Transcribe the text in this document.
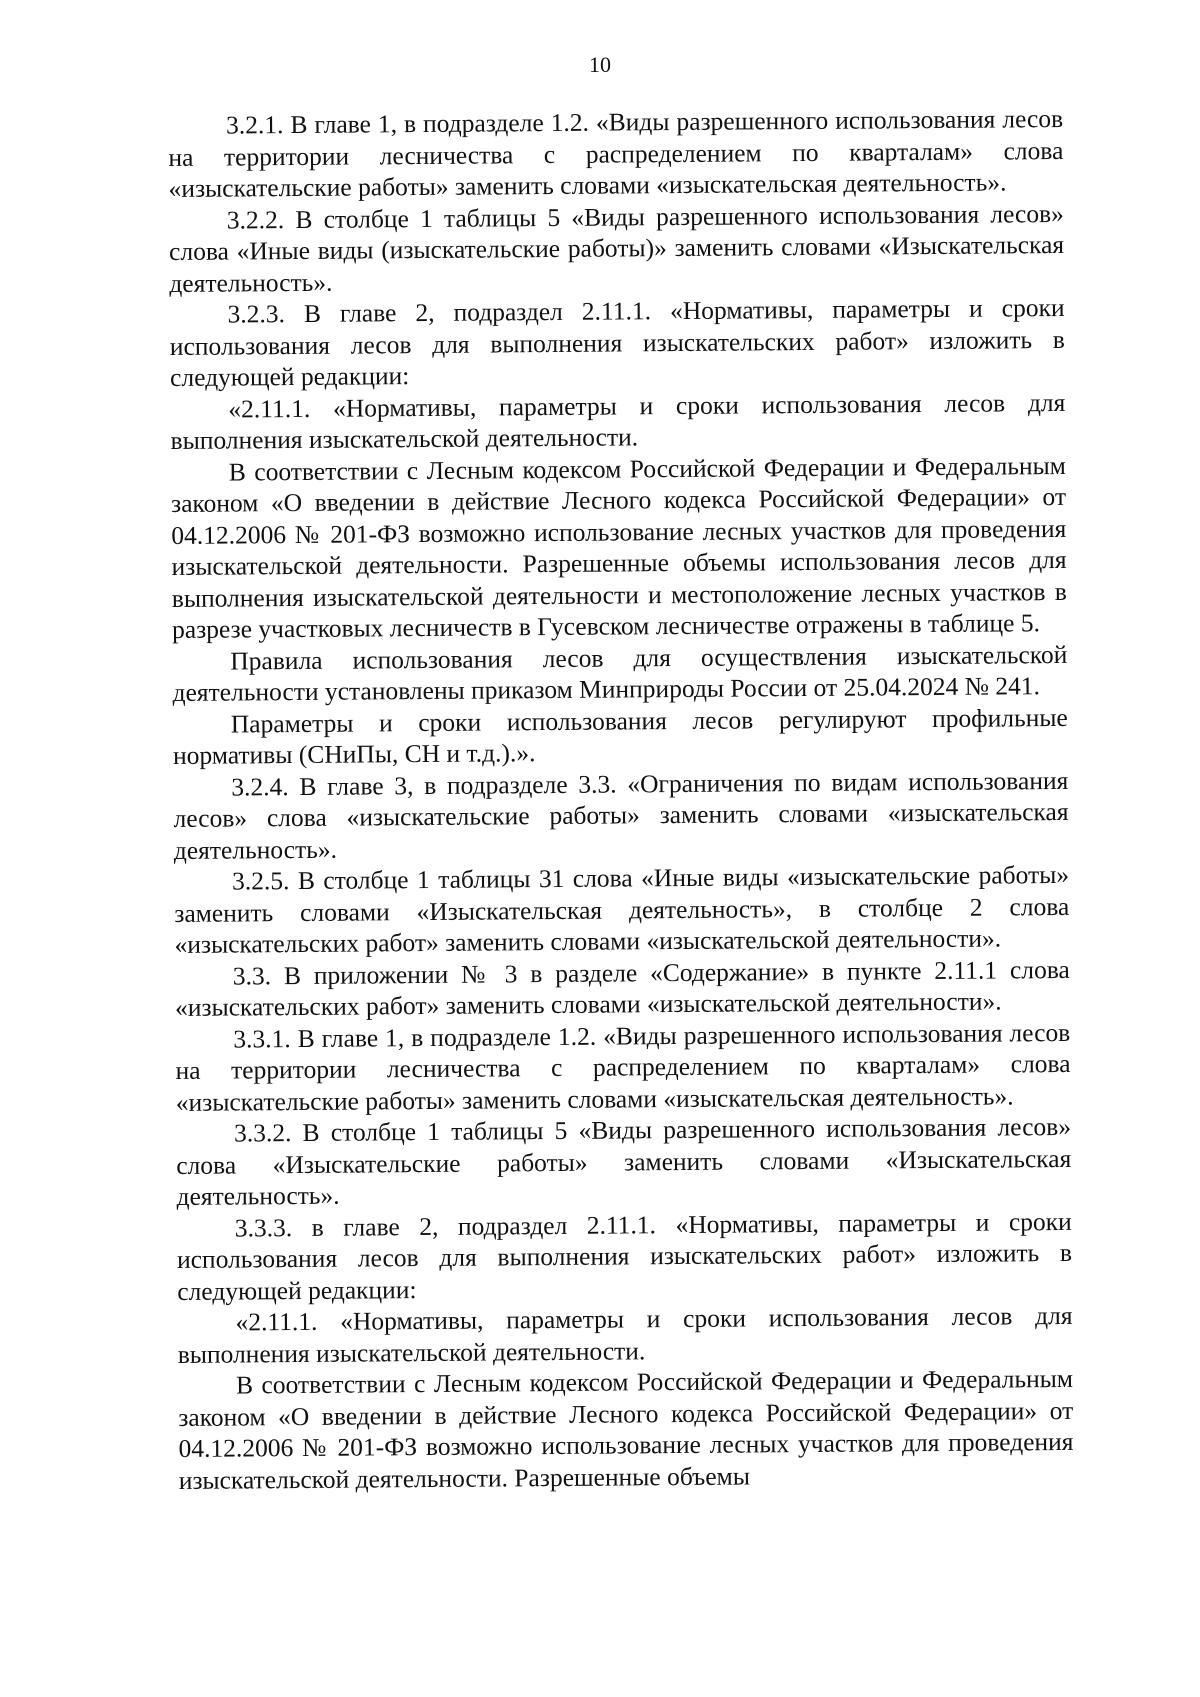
10

3.2.1. В главе 1, в подразделе 1.2. «Виды разрешенного использования лесов на территории лесничества с распределением по кварталам» слова «изыскательские работы» заменить словами «изыскательская деятельность».

3.2.2. В столбце 1 таблицы 5 «Виды разрешенного использования лесов» слова «Иные виды (изыскательские работы)» заменить словами «Изыскательская деятельность».

3.2.3. В главе 2, подраздел 2.11.1. «Нормативы, параметры и сроки использования лесов для выполнения изыскательских работ» изложить в следующей редакции:

«2.11.1. «Нормативы, параметры и сроки использования лесов для выполнения изыскательской деятельности.

В соответствии с Лесным кодексом Российской Федерации и Федеральным законом «О введении в действие Лесного кодекса Российской Федерации» от 04.12.2006 № 201-ФЗ возможно использование лесных участков для проведения изыскательской деятельности. Разрешенные объемы использования лесов для выполнения изыскательской деятельности и местоположение лесных участков в разрезе участковых лесничеств в Гусевском лесничестве отражены в таблице 5.

Правила использования лесов для осуществления изыскательской деятельности установлены приказом Минприроды России от 25.04.2024 № 241.

Параметры и сроки использования лесов регулируют профильные нормативы (СНиПы, СН и т.д.).».

3.2.4. В главе 3, в подразделе 3.3. «Ограничения по видам использования лесов» слова «изыскательские работы» заменить словами «изыскательская деятельность».

3.2.5. В столбце 1 таблицы 31 слова «Иные виды «изыскательские работы» заменить словами «Изыскательская деятельность», в столбце 2 слова «изыскательских работ» заменить словами «изыскательской деятельности».

3.3. В приложении № 3 в разделе «Содержание» в пункте 2.11.1 слова «изыскательских работ» заменить словами «изыскательской деятельности».

3.3.1. В главе 1, в подразделе 1.2. «Виды разрешенного использования лесов на территории лесничества с распределением по кварталам» слова «изыскательские работы» заменить словами «изыскательская деятельность».

3.3.2. В столбце 1 таблицы 5 «Виды разрешенного использования лесов» слова «Изыскательские работы» заменить словами «Изыскательская деятельность».

3.3.3. в главе 2, подраздел 2.11.1. «Нормативы, параметры и сроки использования лесов для выполнения изыскательских работ» изложить в следующей редакции:

«2.11.1. «Нормативы, параметры и сроки использования лесов для выполнения изыскательской деятельности.

В соответствии с Лесным кодексом Российской Федерации и Федеральным законом «О введении в действие Лесного кодекса Российской Федерации» от 04.12.2006 № 201-ФЗ возможно использование лесных участков для проведения изыскательской деятельности. Разрешенные объемы
